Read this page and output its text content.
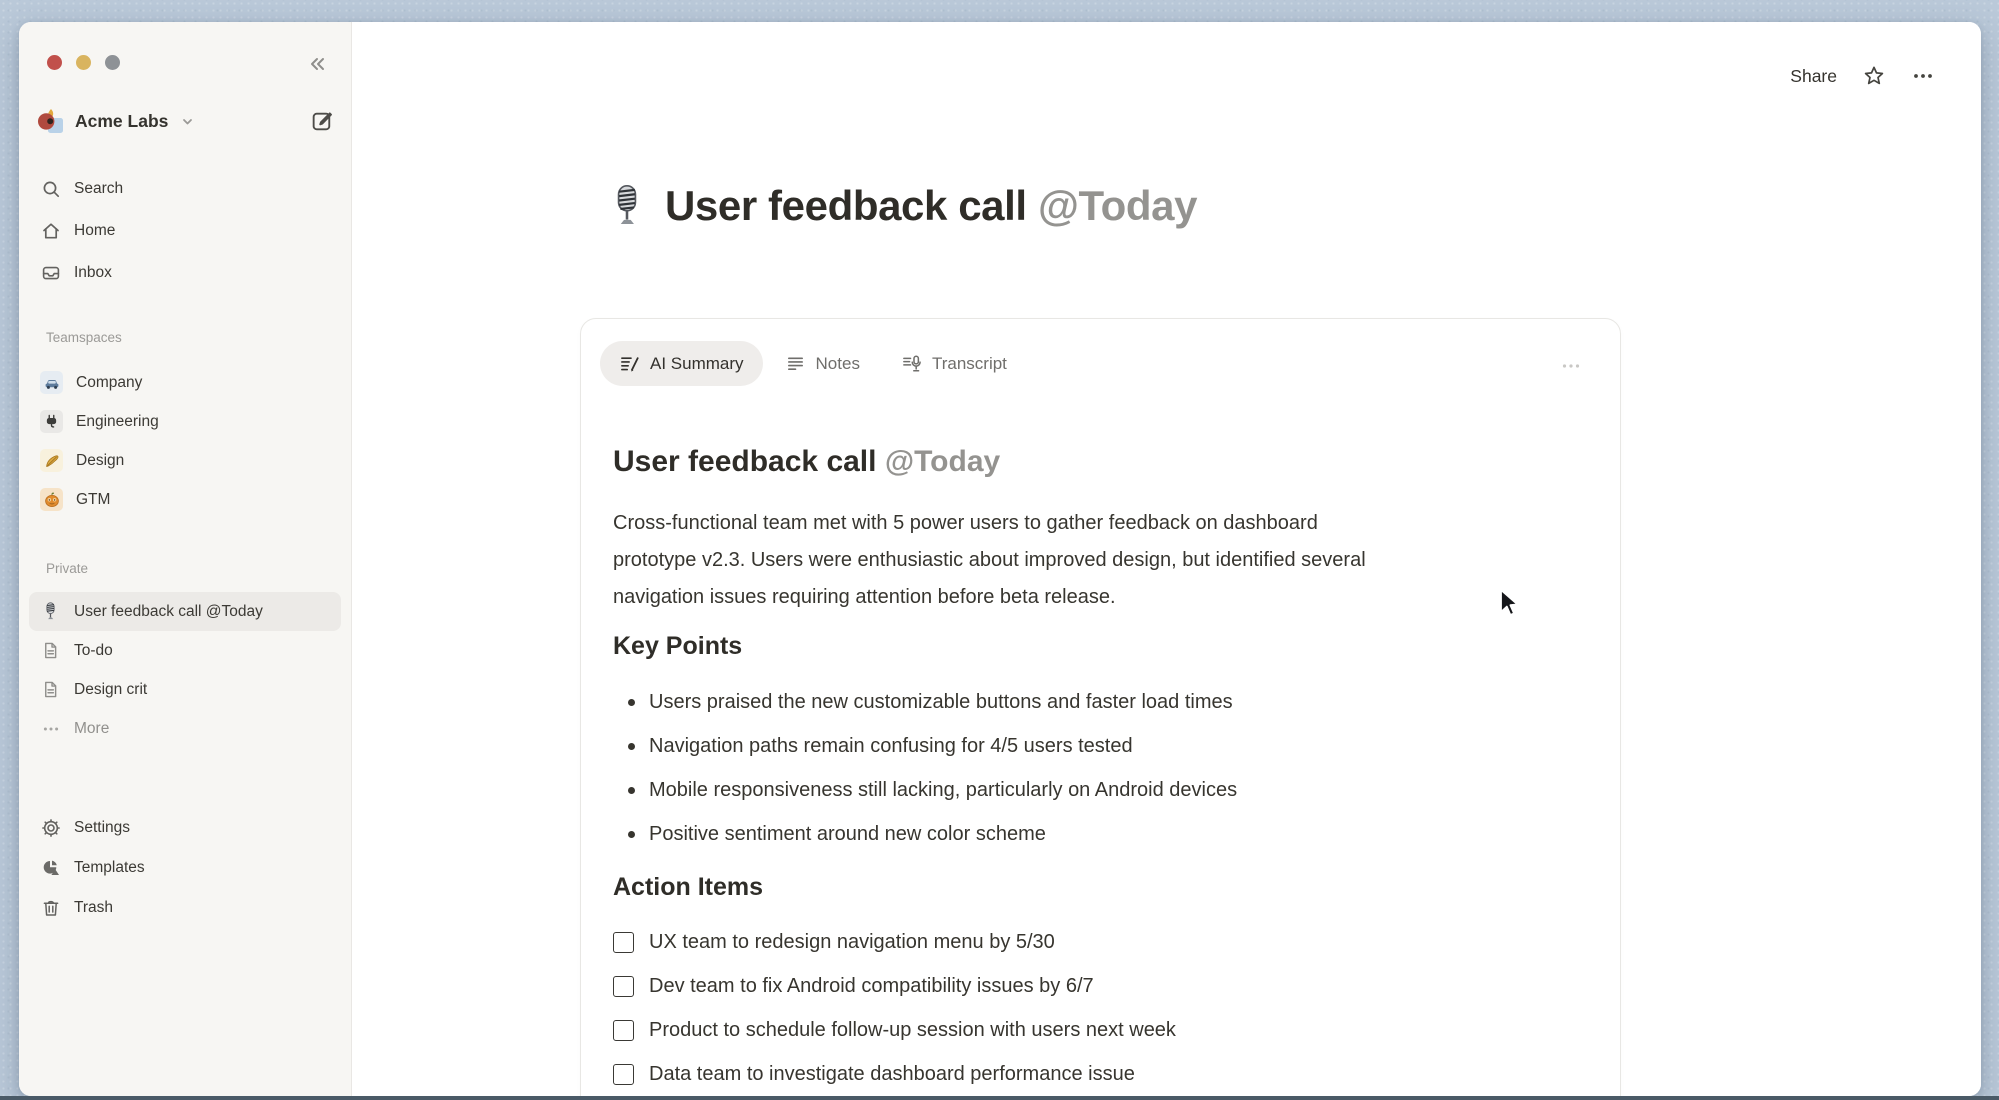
Acme Labs
Search
Home
Inbox
Teamspaces
Company
Engineering
Design
GTM
Private
User feedback call @Today
To-do
Design crit
More
Settings
Templates
Trash
Share
User feedback call @Today
AI Summary	Notes	Transcript
User feedback call @Today
Cross-functional team met with 5 power users to gather feedback on dashboard
prototype v2.3. Users were enthusiastic about improved design, but identified several
navigation issues requiring attention before beta release.
Key Points
Users praised the new customizable buttons and faster load times
Navigation paths remain confusing for 4/5 users tested
Mobile responsiveness still lacking, particularly on Android devices
Positive sentiment around new color scheme
Action Items
UX team to redesign navigation menu by 5/30
Dev team to fix Android compatibility issues by 6/7
Product to schedule follow-up session with users next week
Data team to investigate dashboard performance issue
